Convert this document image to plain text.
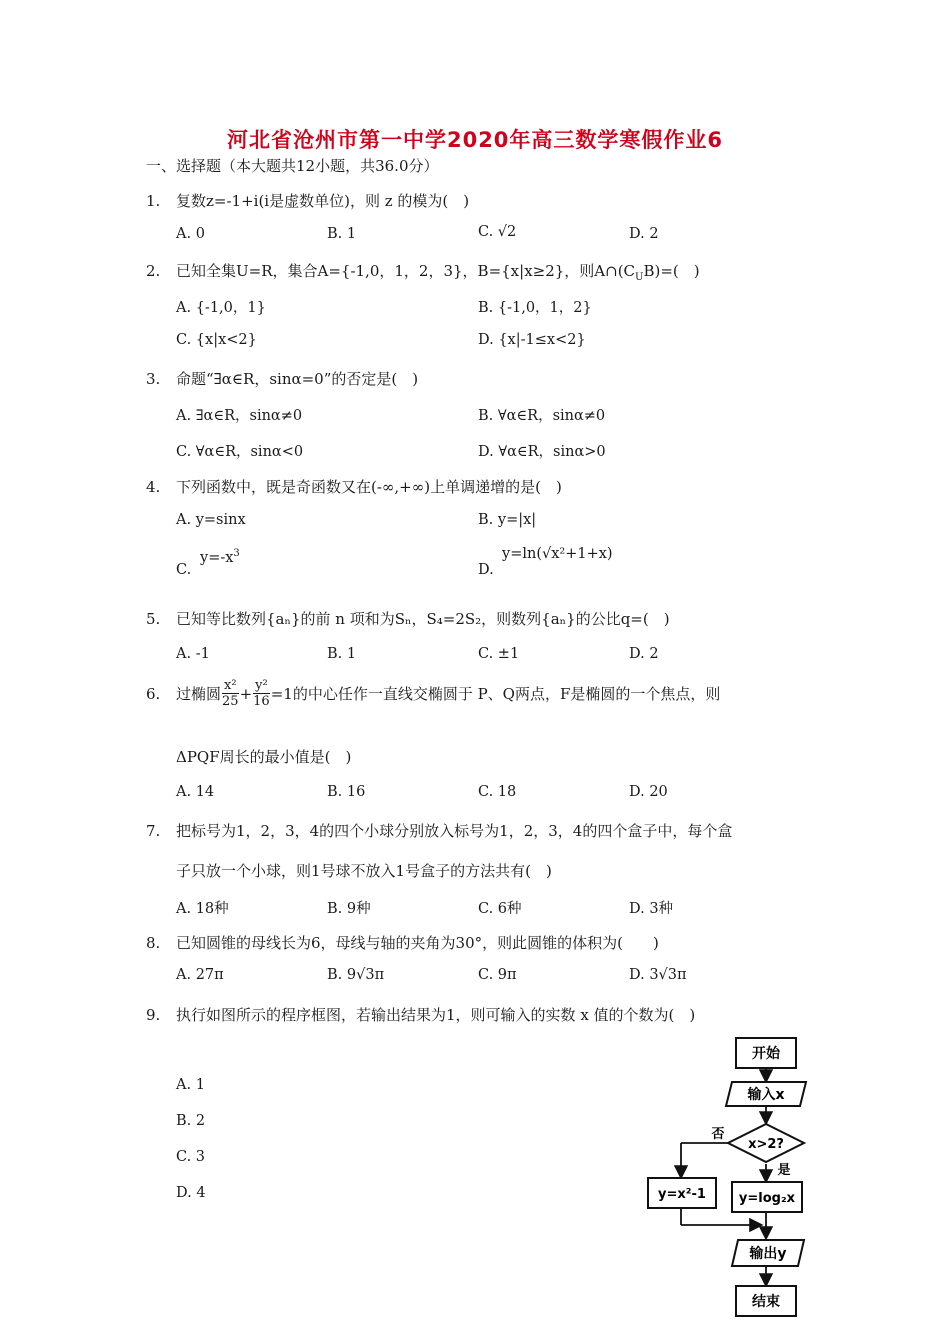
河北省沧州市第一中学2020年高三数学寒假作业6
一、选择题（本大题共12小题，共36.0分）
1. 复数z=-1+i(i是虚数单位)，则 z 的模为(　)
A. 0	B. 1	C. √2	D. 2
2. 已知全集U=R，集合A={-1,0，1，2，3}，B={x|x≥2}，则$A\cap(C_UB)=$(　)
A. {-1,0，1}	B. {-1,0，1，2}
C. {x|x<2}	D. {x|-1≤x<2}
3. 命题“∃α∈R，sinα=0”的否定是(　)
A. ∃α∈R，sinα≠0	B. ∀α∈R，sinα≠0
C. ∀α∈R，sinα<0	D. ∀α∈R，sinα>0
4. 下列函数中，既是奇函数又在(-∞,+∞)上单调递增的是(　)
A. y=sinx	B. y=|x|
C.
$y=-x^3$
D.
y=ln(√x²+1+x)
5. 已知等比数列{aₙ}的前 n 项和为Sₙ，S₄=2S₂，则数列{aₙ}的公比q=(　)
A. -1	B. 1	C. ±1	D. 2
6.	过椭圆 x²
$25 + \frac{\text{y²}}{16} =1$的中心任作一直线交椭圆于 P、Q两点，F是椭圆的一个焦点，则
ΔPQF周长的最小值是(　)
A. 14	B. 16	C. 18	D. 20
7. 把标号为1，2，3，4的四个小球分别放入标号为1，2，3，4的四个盒子中，每个盒
子只放一个小球，则1号球不放入1号盒子的方法共有(　)
A. 18种	B. 9种	C. 6种	D. 3种
8. 已知圆锥的母线长为6，母线与轴的夹角为30°，则此圆锥的体积为(　　)
A. 27π	B. 9√3π	C. 9π	D. 3√3π
9. 执行如图所示的程序框图，若输出结果为1，则可输入的实数 x 值的个数为(　)
A. 1
B. 2
C. 3
D. 4
开始
输入x
x>2?
否
是
y=x²-1	y=log₂x
输出y
结束
